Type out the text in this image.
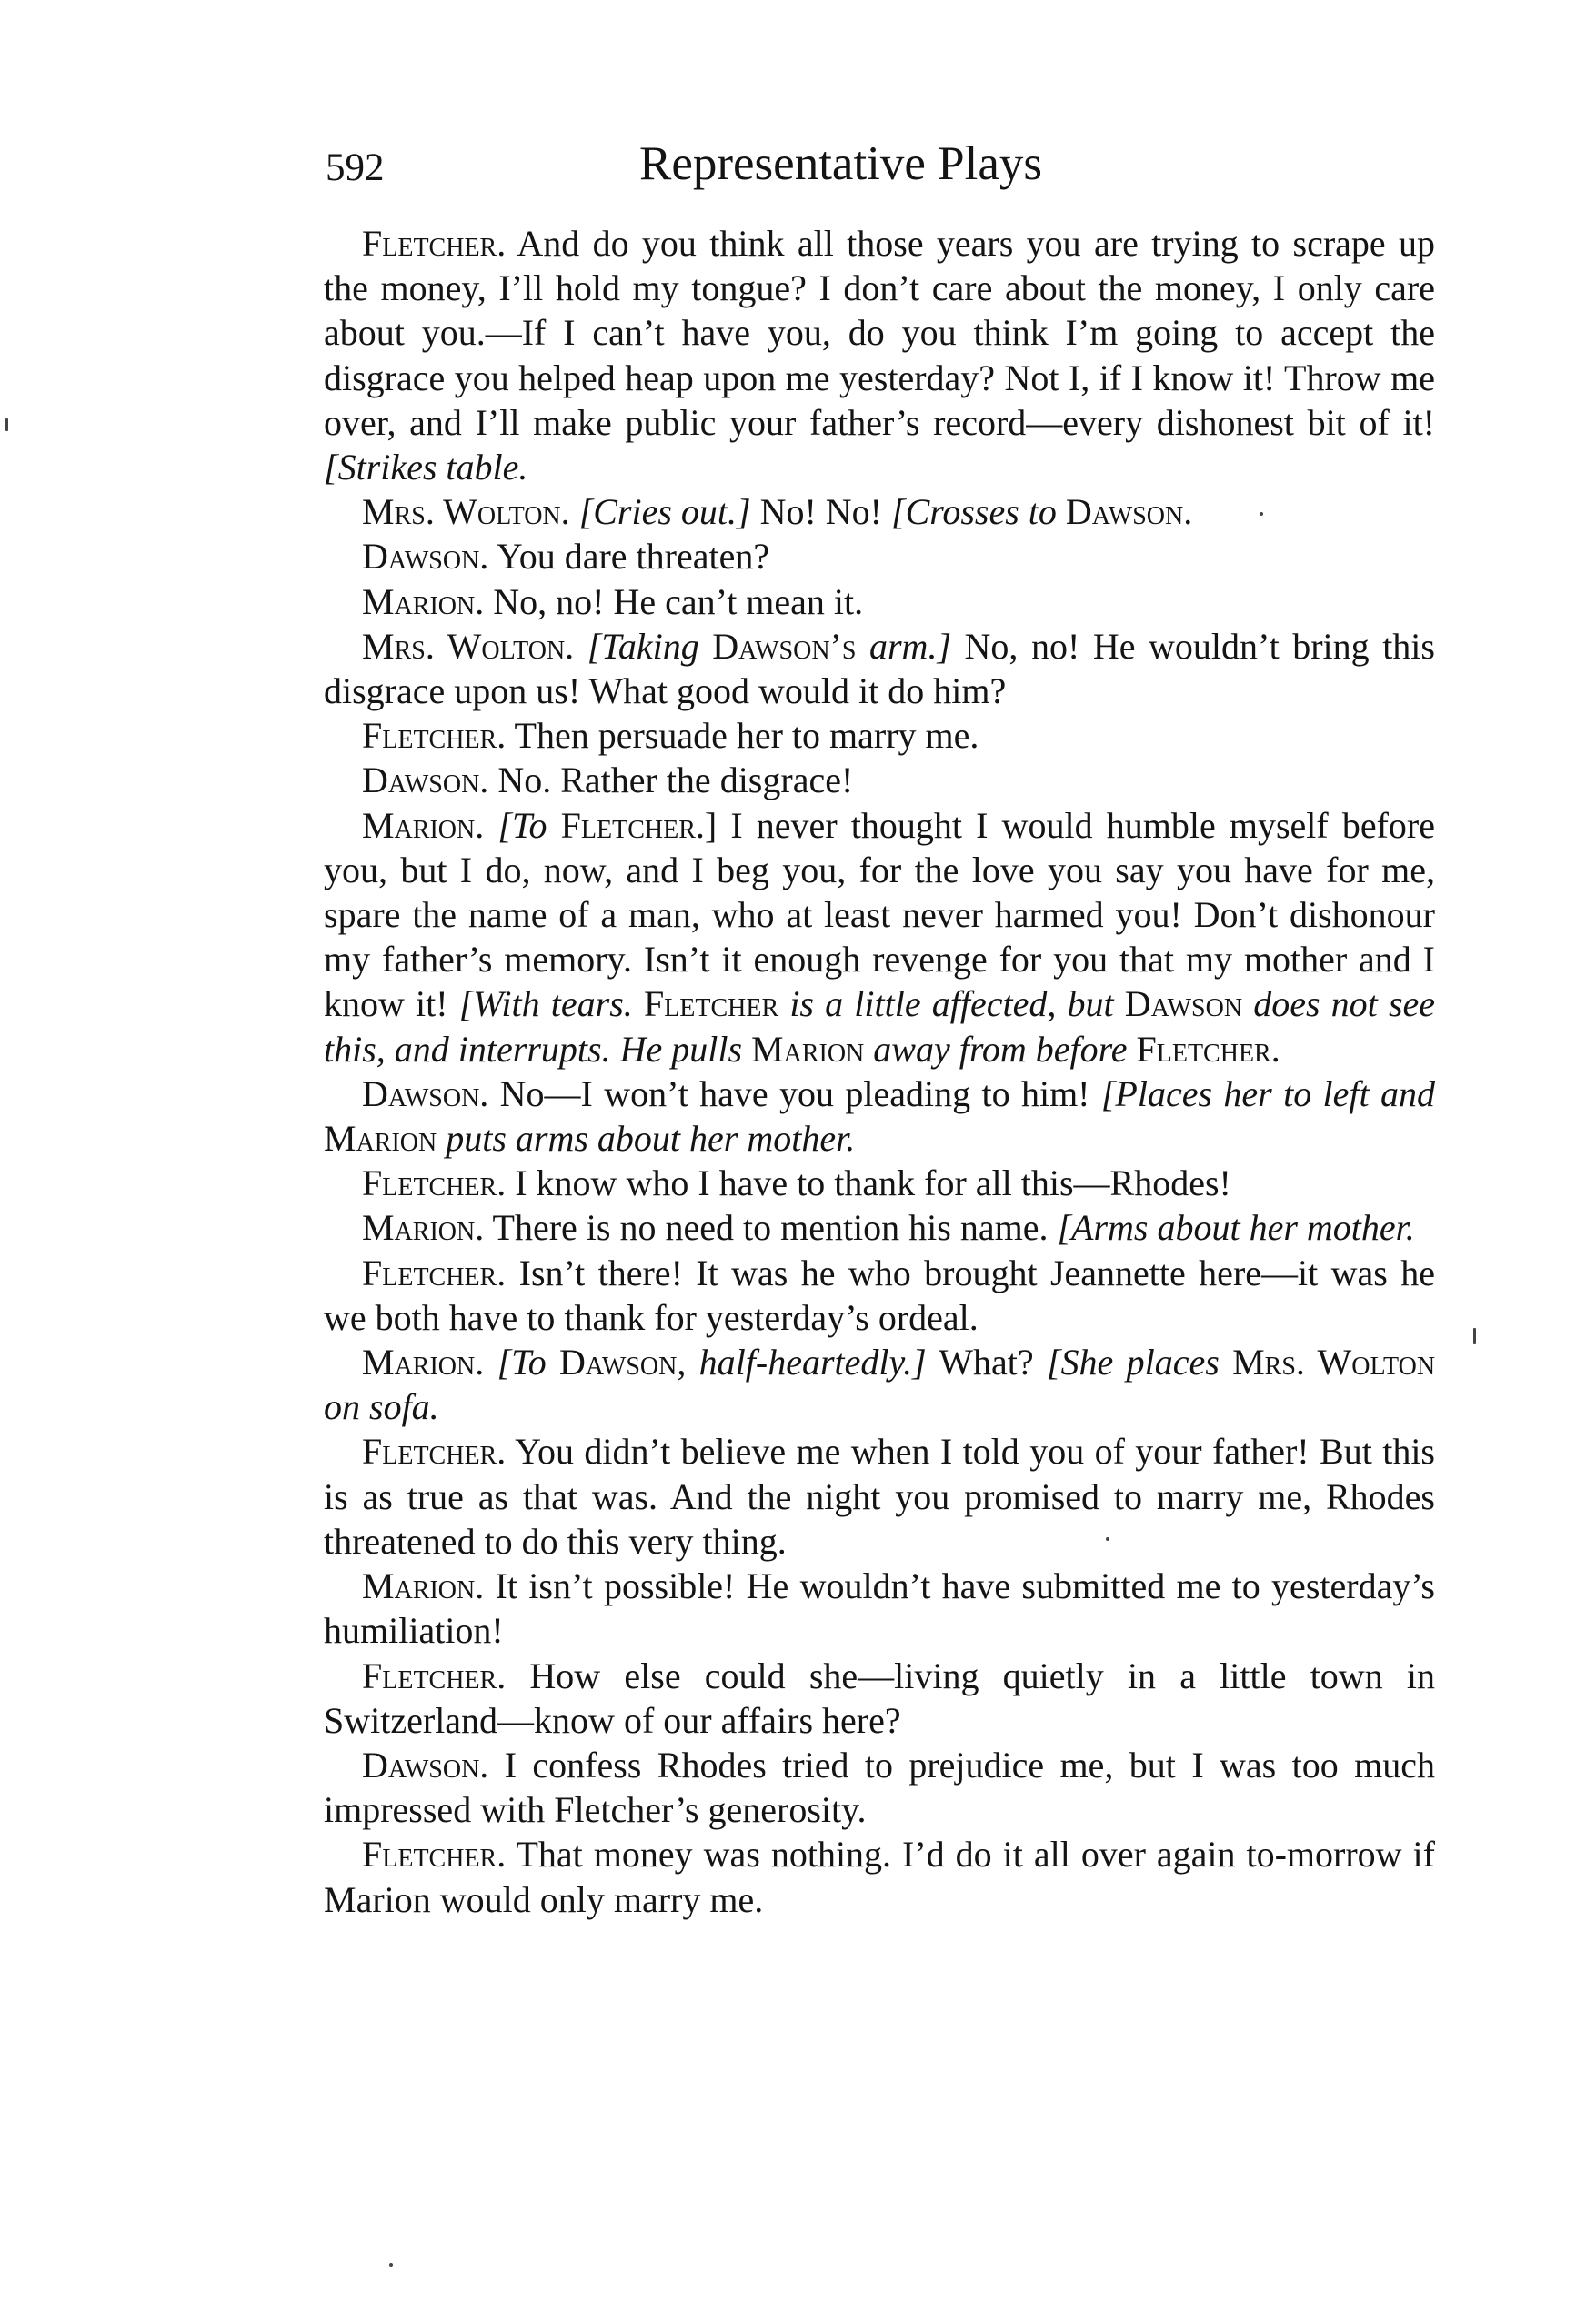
592	Representative Plays

Fletcher. And do you think all those years you are trying to scrape up the money, I’ll hold my tongue? I don’t care about the money, I only care about you.—If I can’t have you, do you think I’m going to accept the disgrace you helped heap upon me yesterday? Not I, if I know it! Throw me over, and I’ll make public your father’s record—every dishonest bit of it! [Strikes table.

Mrs. Wolton. [Cries out.] No! No! [Crosses to Dawson.

Dawson. You dare threaten?

Marion. No, no! He can’t mean it.

Mrs. Wolton. [Taking Dawson’s arm.] No, no! He wouldn’t bring this disgrace upon us! What good would it do him?

Fletcher. Then persuade her to marry me.

Dawson. No. Rather the disgrace!

Marion. [To Fletcher.] I never thought I would humble myself before you, but I do, now, and I beg you, for the love you say you have for me, spare the name of a man, who at least never harmed you! Don’t dishonour my father’s memory. Isn’t it enough revenge for you that my mother and I know it! [With tears. Fletcher is a little affected, but Dawson does not see this, and interrupts. He pulls Marion away from before Fletcher.

Dawson. No—I won’t have you pleading to him! [Places her to left and Marion puts arms about her mother.

Fletcher. I know who I have to thank for all this—Rhodes!

Marion. There is no need to mention his name. [Arms about her mother.

Fletcher. Isn’t there! It was he who brought Jeannette here—it was he we both have to thank for yesterday’s ordeal.

Marion. [To Dawson, half-heartedly.] What? [She places Mrs. Wolton on sofa.

Fletcher. You didn’t believe me when I told you of your father! But this is as true as that was. And the night you promised to marry me, Rhodes threatened to do this very thing.

Marion. It isn’t possible! He wouldn’t have submitted me to yesterday’s humiliation!

Fletcher. How else could she—living quietly in a little town in Switzerland—know of our affairs here?

Dawson. I confess Rhodes tried to prejudice me, but I was too much impressed with Fletcher’s generosity.

Fletcher. That money was nothing. I’d do it all over again to-morrow if Marion would only marry me.
